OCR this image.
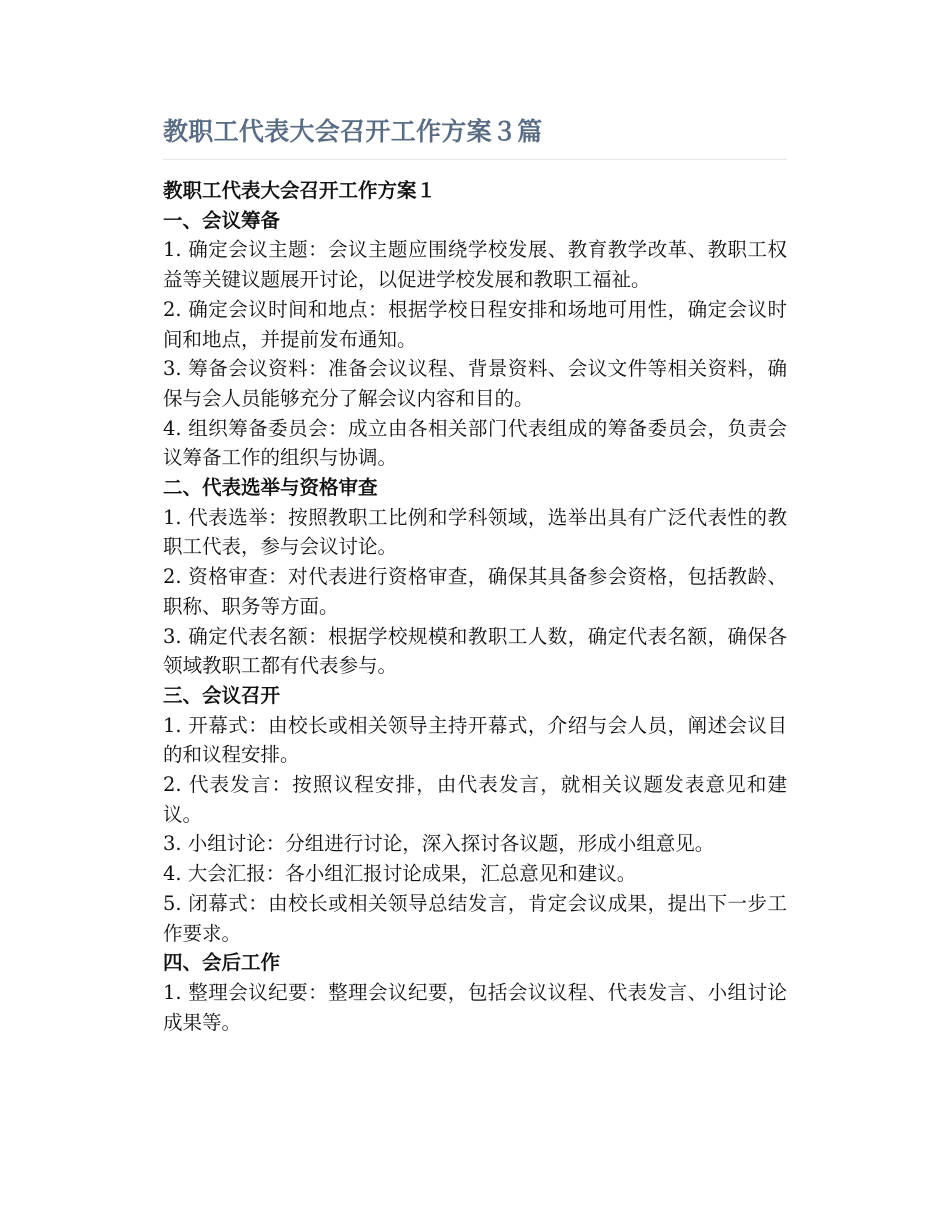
教职工代表大会召开工作方案３篇

教职工代表大会召开工作方案１

一、会议筹备

1. 确定会议主题：会议主题应围绕学校发展、教育教学改革、教职工权益等关键议题展开讨论，以促进学校发展和教职工福祉。

2. 确定会议时间和地点：根据学校日程安排和场地可用性，确定会议时间和地点，并提前发布通知。

3. 筹备会议资料：准备会议议程、背景资料、会议文件等相关资料，确保与会人员能够充分了解会议内容和目的。

4. 组织筹备委员会：成立由各相关部门代表组成的筹备委员会，负责会议筹备工作的组织与协调。

二、代表选举与资格审查

1. 代表选举：按照教职工比例和学科领域，选举出具有广泛代表性的教职工代表，参与会议讨论。

2. 资格审查：对代表进行资格审查，确保其具备参会资格，包括教龄、职称、职务等方面。

3. 确定代表名额：根据学校规模和教职工人数，确定代表名额，确保各领域教职工都有代表参与。

三、会议召开

1. 开幕式：由校长或相关领导主持开幕式，介绍与会人员，阐述会议目的和议程安排。

2. 代表发言：按照议程安排，由代表发言，就相关议题发表意见和建议。

3. 小组讨论：分组进行讨论，深入探讨各议题，形成小组意见。

4. 大会汇报：各小组汇报讨论成果，汇总意见和建议。

5. 闭幕式：由校长或相关领导总结发言，肯定会议成果，提出下一步工作要求。

四、会后工作

1. 整理会议纪要：整理会议纪要，包括会议议程、代表发言、小组讨论成果等。
